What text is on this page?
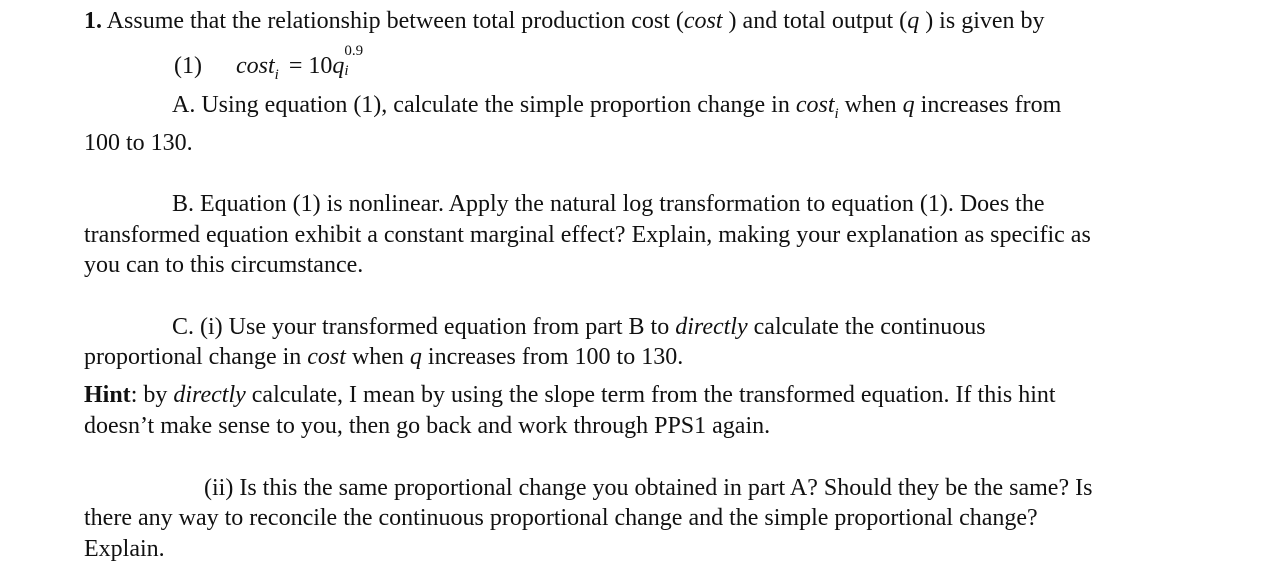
1. Assume that the relationship between total production cost (cost ) and total output (q ) is given by
(1) cost$_i$ = 10q
0.9
i
A. Using equation (1), calculate the simple proportion change in cost$_i$ when q increases from
100 to 130.
B. Equation (1) is nonlinear. Apply the natural log transformation to equation (1). Does the
transformed equation exhibit a constant marginal effect? Explain, making your explanation as specific as
you can to this circumstance.
C. (i) Use your transformed equation from part B to directly calculate the continuous
proportional change in cost when q increases from 100 to 130.
Hint: by directly calculate, I mean by using the slope term from the transformed equation. If this hint
doesn’t make sense to you, then go back and work through PPS1 again.
(ii) Is this the same proportional change you obtained in part A? Should they be the same? Is
there any way to reconcile the continuous proportional change and the simple proportional change?
Explain.
